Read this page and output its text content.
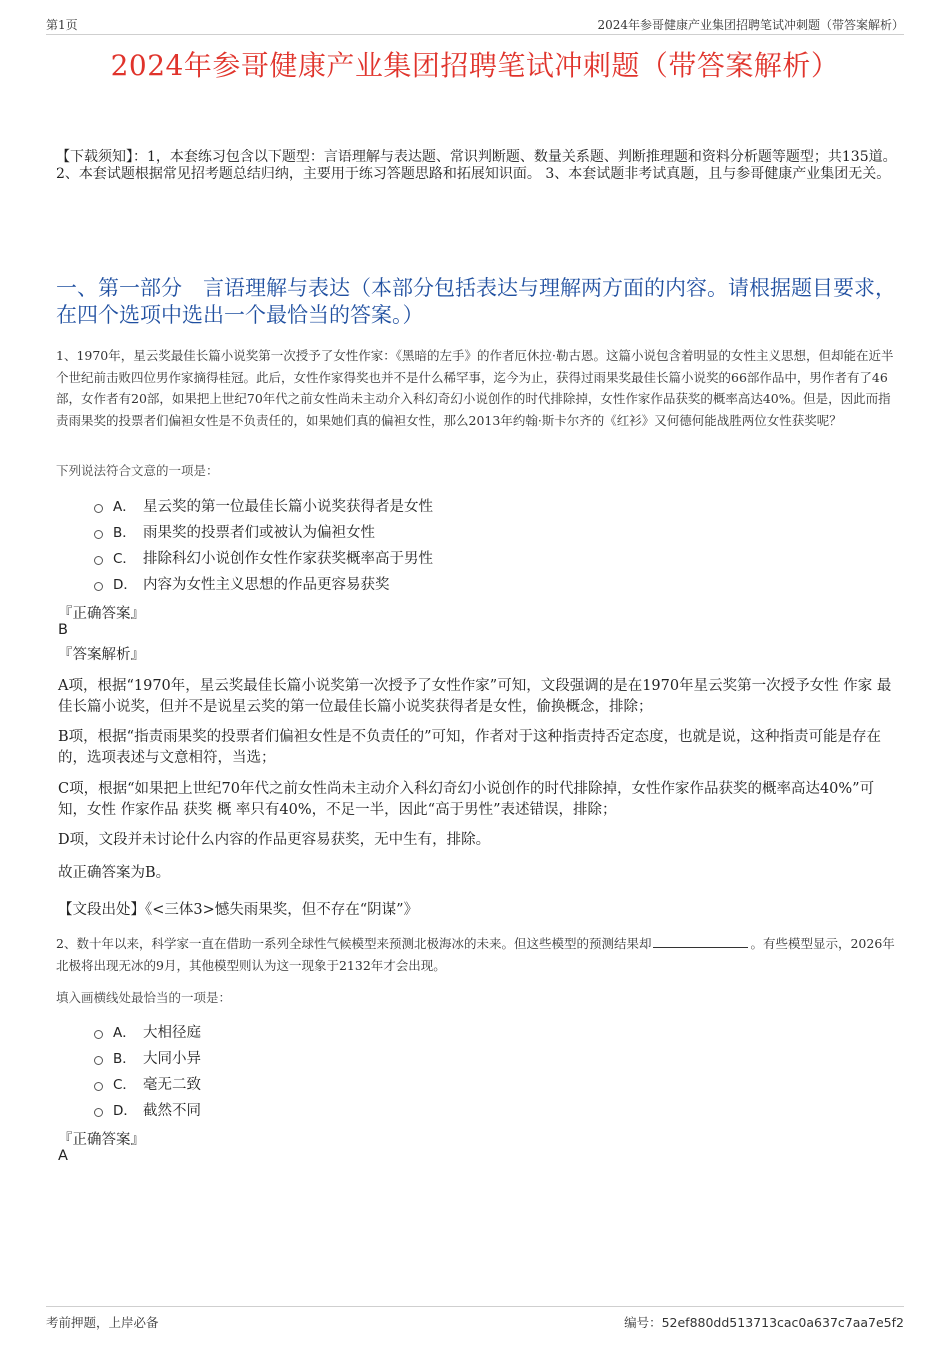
第1页	2024年参哥健康产业集团招聘笔试冲刺题（带答案解析）
2024年参哥健康产业集团招聘笔试冲刺题（带答案解析）

【下载须知】：1，本套练习包含以下题型：言语理解与表达题、常识判断题、数量关系题、判断推理题和资料分析题等题型；共135道。 2、本套试题根据常见招考题总结归纳，主要用于练习答题思路和拓展知识面。 3、本套试题非考试真题，且与参哥健康产业集团无关。

一、第一部分　言语理解与表达（本部分包括表达与理解两方面的内容。请根据题目要求，在四个选项中选出一个最恰当的答案。）

1、1970年，星云奖最佳长篇小说奖第一次授予了女性作家：《黑暗的左手》的作者厄休拉·勒古恩。这篇小说包含着明显的女性主义思想，但却能在近半个世纪前击败四位男作家摘得桂冠。此后，女性作家得奖也并不是什么稀罕事，迄今为止，获得过雨果奖最佳长篇小说奖的66部作品中，男作者有了46部，女作者有20部，如果把上世纪70年代之前女性尚未主动介入科幻奇幻小说创作的时代排除掉，女性作家作品获奖的概率高达40%。但是，因此而指责雨果奖的投票者们偏袒女性是不负责任的，如果她们真的偏袒女性，那么2013年约翰·斯卡尔齐的《红衫》又何德何能战胜两位女性获奖呢？

下列说法符合文意的一项是：

A． 星云奖的第一位最佳长篇小说奖获得者是女性
B． 雨果奖的投票者们或被认为偏袒女性
C． 排除科幻小说创作女性作家获奖概率高于男性
D． 内容为女性主义思想的作品更容易获奖

『正确答案』

B

『答案解析』

A项，根据“1970年，星云奖最佳长篇小说奖第一次授予了女性作家”可知，文段强调的是在1970年星云奖第一次授予女性 作家 最佳长篇小说奖，但并不是说星云奖的第一位最佳长篇小说奖获得者是女性，偷换概念，排除；

B项，根据“指责雨果奖的投票者们偏袒女性是不负责任的”可知，作者对于这种指责持否定态度，也就是说，这种指责可能是存在的，选项表述与文意相符，当选；

C项，根据“如果把上世纪70年代之前女性尚未主动介入科幻奇幻小说创作的时代排除掉，女性作家作品获奖的概率高达40%”可知，女性 作家作品 获奖 概 率只有40%，不足一半，因此“高于男性”表述错误，排除；

D项，文段并未讨论什么内容的作品更容易获奖，无中生有，排除。

故正确答案为B。

【文段出处】《<三体3>憾失雨果奖，但不存在“阴谋”》

2、数十年以来，科学家一直在借助一系列全球性气候模型来预测北极海冰的未来。但这些模型的预测结果却	。有些模型显示，2026年北极将出现无冰的9月，其他模型则认为这一现象于2132年才会出现。

填入画横线处最恰当的一项是：

A． 大相径庭
B． 大同小异
C． 毫无二致
D． 截然不同

『正确答案』

A

考前押题，上岸必备	编号：52ef880dd513713cac0a637c7aa7e5f2
